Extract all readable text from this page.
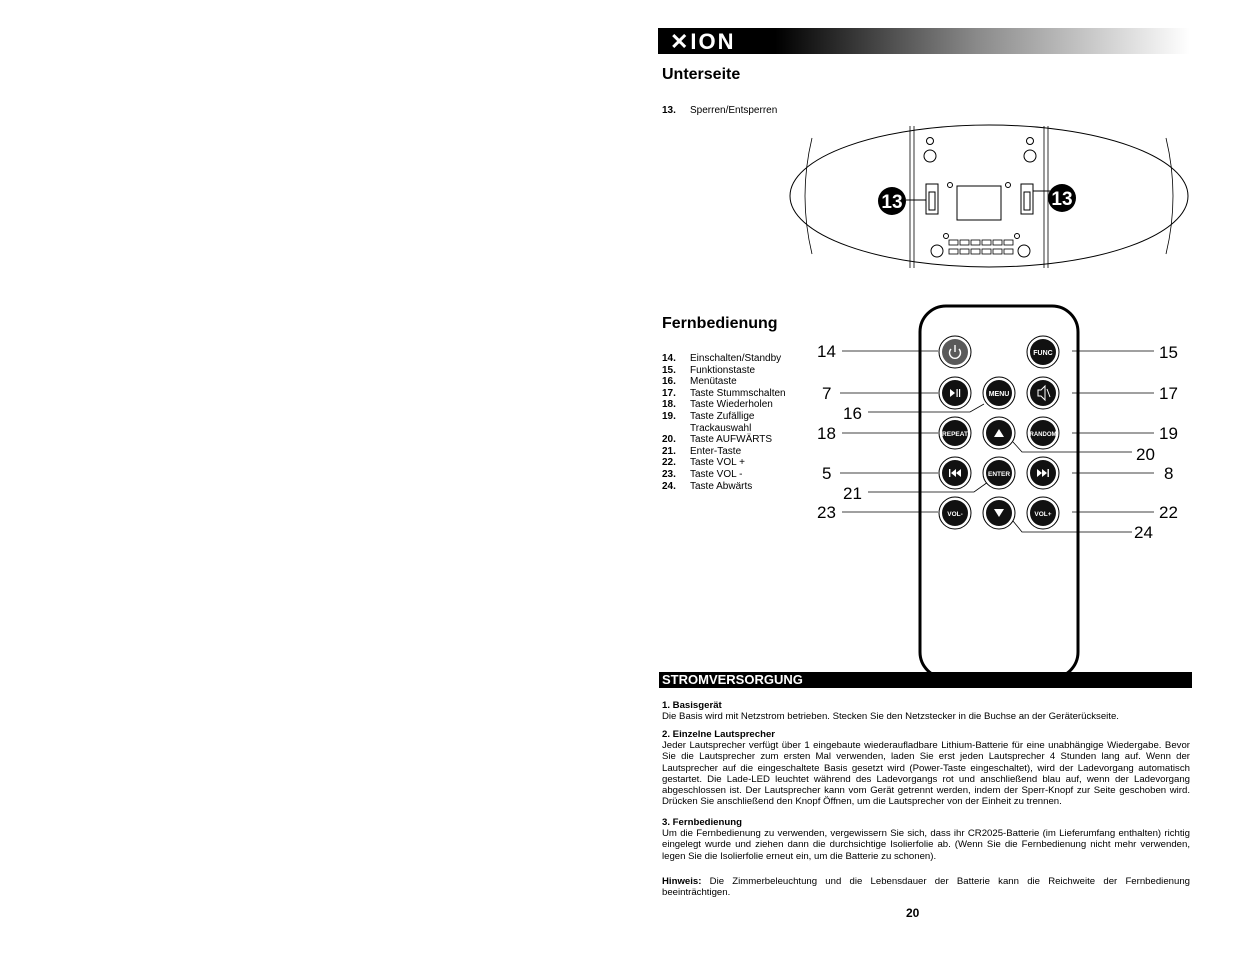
✕ION
Unterseite
13.	Sperren/Entsperren
13	13
Fernbedienung
14.	Einschalten/Standby
15.	Funktionstaste
16.	Menütaste
17.	Taste Stummschalten
18.	Taste Wiederholen
19.	Taste Zufällige
Trackauswahl
20.	Taste AUFWÄRTS
21.	Enter-Taste
22.	Taste VOL +
23.	Taste VOL -
24.	Taste Abwärts
FUNC
MENU
REPEAT	RANDOM
ENTER
VOL-	VOL+
14	15
7	17
16
18	19
20
5	8
21
23	22
24
STROMVERSORGUNG
1. Basisgerät
Die Basis wird mit Netzstrom betrieben. Stecken Sie den Netzstecker in die Buchse an der Geräterückseite.
2. Einzelne Lautsprecher
Jeder Lautsprecher verfügt über 1 eingebaute wiederaufladbare Lithium-Batterie für eine unabhängige Wiedergabe. Bevor Sie die Lautsprecher zum ersten Mal verwenden, laden Sie erst jeden Lautsprecher 4 Stunden lang auf. Wenn der Lautsprecher auf die eingeschaltete Basis gesetzt wird (Power-Taste eingeschaltet), wird der Ladevorgang automatisch gestartet. Die Lade-LED leuchtet während des Ladevorgangs rot und anschließend blau auf, wenn der Ladevorgang abgeschlossen ist. Der Lautsprecher kann vom Gerät getrennt werden, indem der Sperr-Knopf zur Seite geschoben wird. Drücken Sie anschließend den Knopf Öffnen, um die Lautsprecher von der Einheit zu trennen.
3. Fernbedienung
Um die Fernbedienung zu verwenden, vergewissern Sie sich, dass ihr CR2025-Batterie (im Lieferumfang enthalten) richtig eingelegt wurde und ziehen dann die durchsichtige Isolierfolie ab. (Wenn Sie die Fernbedienung nicht mehr verwenden, legen Sie die Isolierfolie erneut ein, um die Batterie zu schonen).
Hinweis: Die Zimmerbeleuchtung und die Lebensdauer der Batterie kann die Reichweite der Fernbedienung beeinträchtigen.
20
